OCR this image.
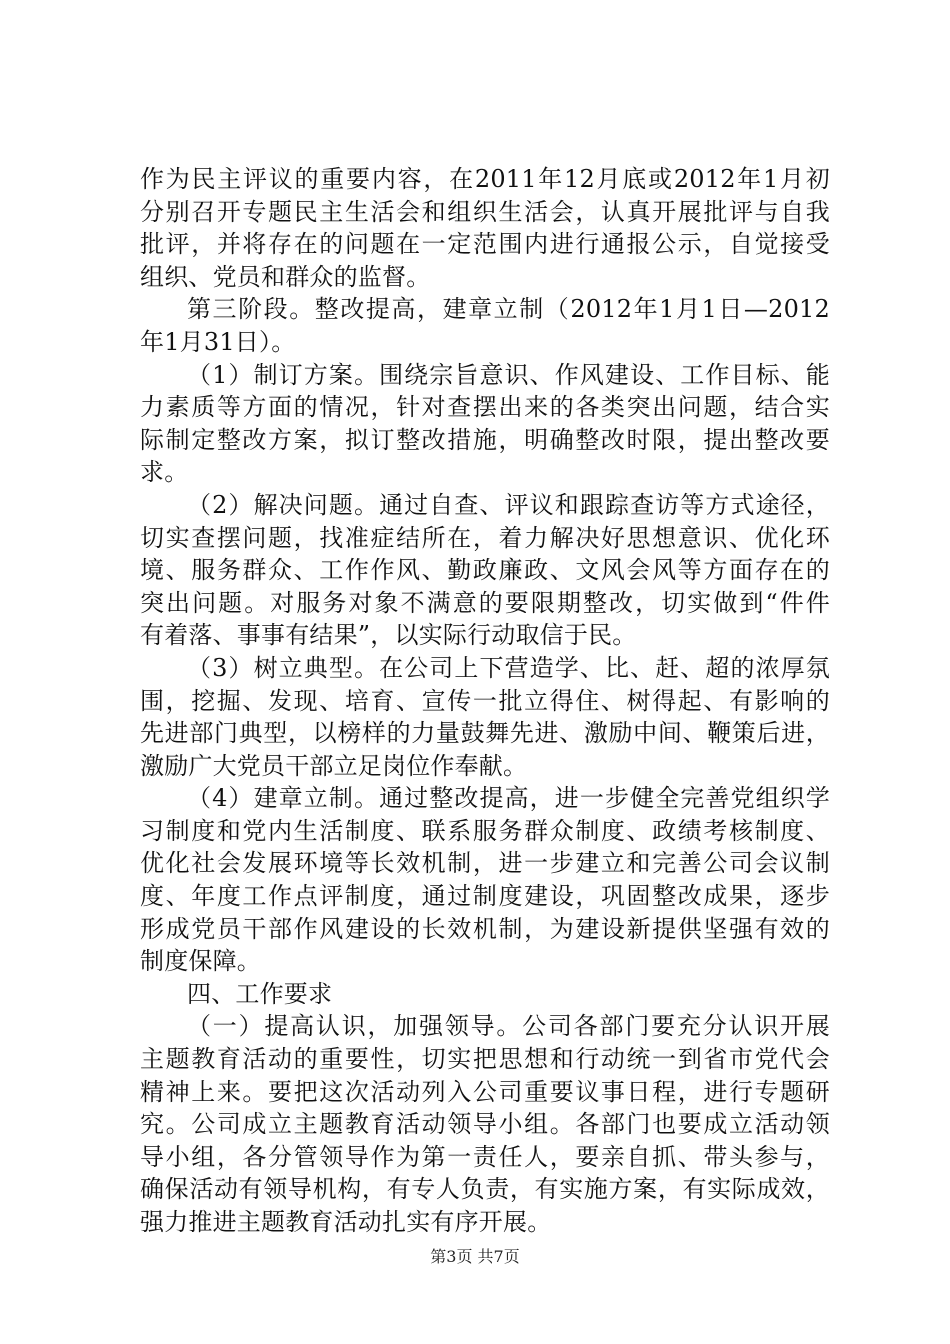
作为民主评议的重要内容，在2011年12月底或2012年1月初
分别召开专题民主生活会和组织生活会，认真开展批评与自我
批评，并将存在的问题在一定范围内进行通报公示，自觉接受
组织、党员和群众的监督。
第三阶段。整改提高，建章立制（2012年1月1日—2012
年1月31日）。
（1）制订方案。围绕宗旨意识、作风建设、工作目标、能
力素质等方面的情况，针对查摆出来的各类突出问题，结合实
际制定整改方案，拟订整改措施，明确整改时限，提出整改要
求。
（2）解决问题。通过自查、评议和跟踪查访等方式途径，
切实查摆问题，找准症结所在，着力解决好思想意识、优化环
境、服务群众、工作作风、勤政廉政、文风会风等方面存在的
突出问题。对服务对象不满意的要限期整改，切实做到“件件
有着落、事事有结果”，以实际行动取信于民。
（3）树立典型。在公司上下营造学、比、赶、超的浓厚氛
围，挖掘、发现、培育、宣传一批立得住、树得起、有影响的
先进部门典型，以榜样的力量鼓舞先进、激励中间、鞭策后进，
激励广大党员干部立足岗位作奉献。
（4）建章立制。通过整改提高，进一步健全完善党组织学
习制度和党内生活制度、联系服务群众制度、政绩考核制度、
优化社会发展环境等长效机制，进一步建立和完善公司会议制
度、年度工作点评制度，通过制度建设，巩固整改成果，逐步
形成党员干部作风建设的长效机制，为建设新提供坚强有效的
制度保障。
四、工作要求
（一）提高认识，加强领导。公司各部门要充分认识开展
主题教育活动的重要性，切实把思想和行动统一到省市党代会
精神上来。要把这次活动列入公司重要议事日程，进行专题研
究。公司成立主题教育活动领导小组。各部门也要成立活动领
导小组，各分管领导作为第一责任人，要亲自抓、带头参与，
确保活动有领导机构，有专人负责，有实施方案，有实际成效，
强力推进主题教育活动扎实有序开展。
第3页 共7页
